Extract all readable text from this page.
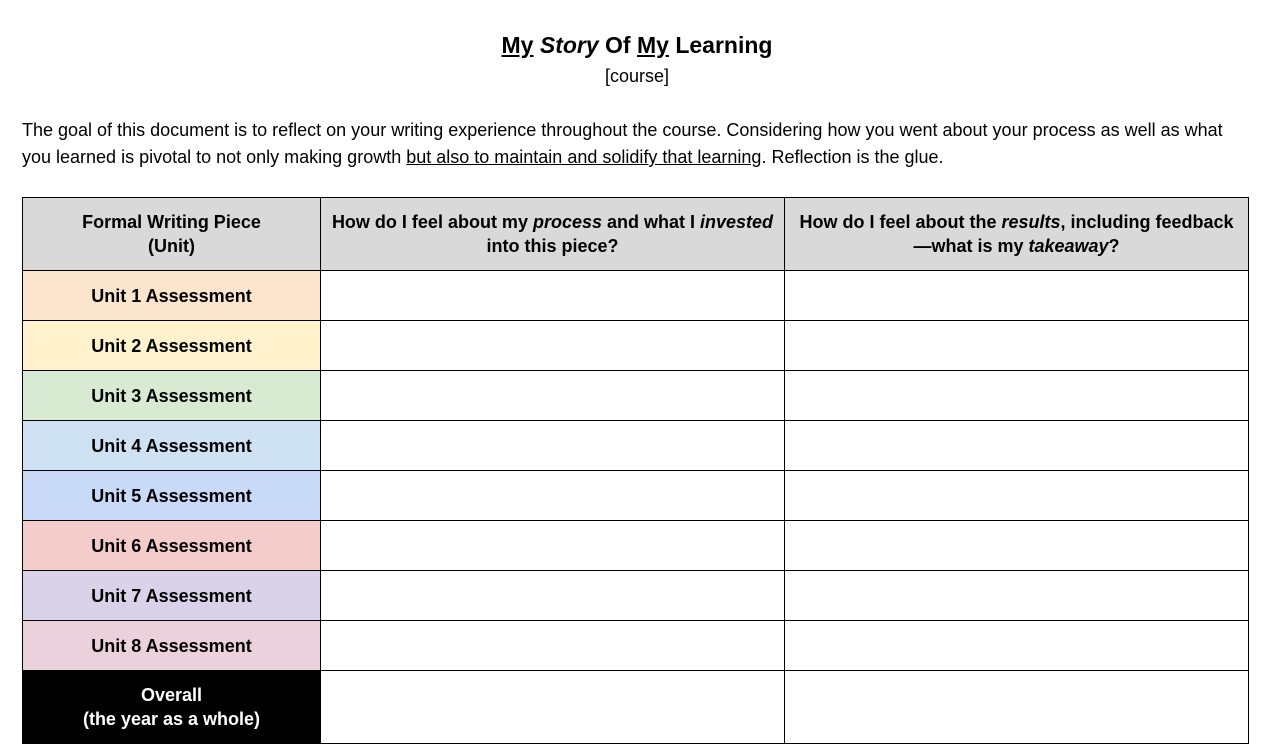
My Story Of My Learning
[course]
The goal of this document is to reflect on your writing experience throughout the course. Considering how you went about your process as well as what you learned is pivotal to not only making growth but also to maintain and solidify that learning. Reflection is the glue.
Formal Writing Piece
(Unit)	How do I feel about my process and what I invested into this piece?	How do I feel about the results, including feedback—what is my takeaway?
Unit 1 Assessment		
Unit 2 Assessment		
Unit 3 Assessment		
Unit 4 Assessment		
Unit 5 Assessment		
Unit 6 Assessment		
Unit 7 Assessment		
Unit 8 Assessment		
Overall
(the year as a whole)		
